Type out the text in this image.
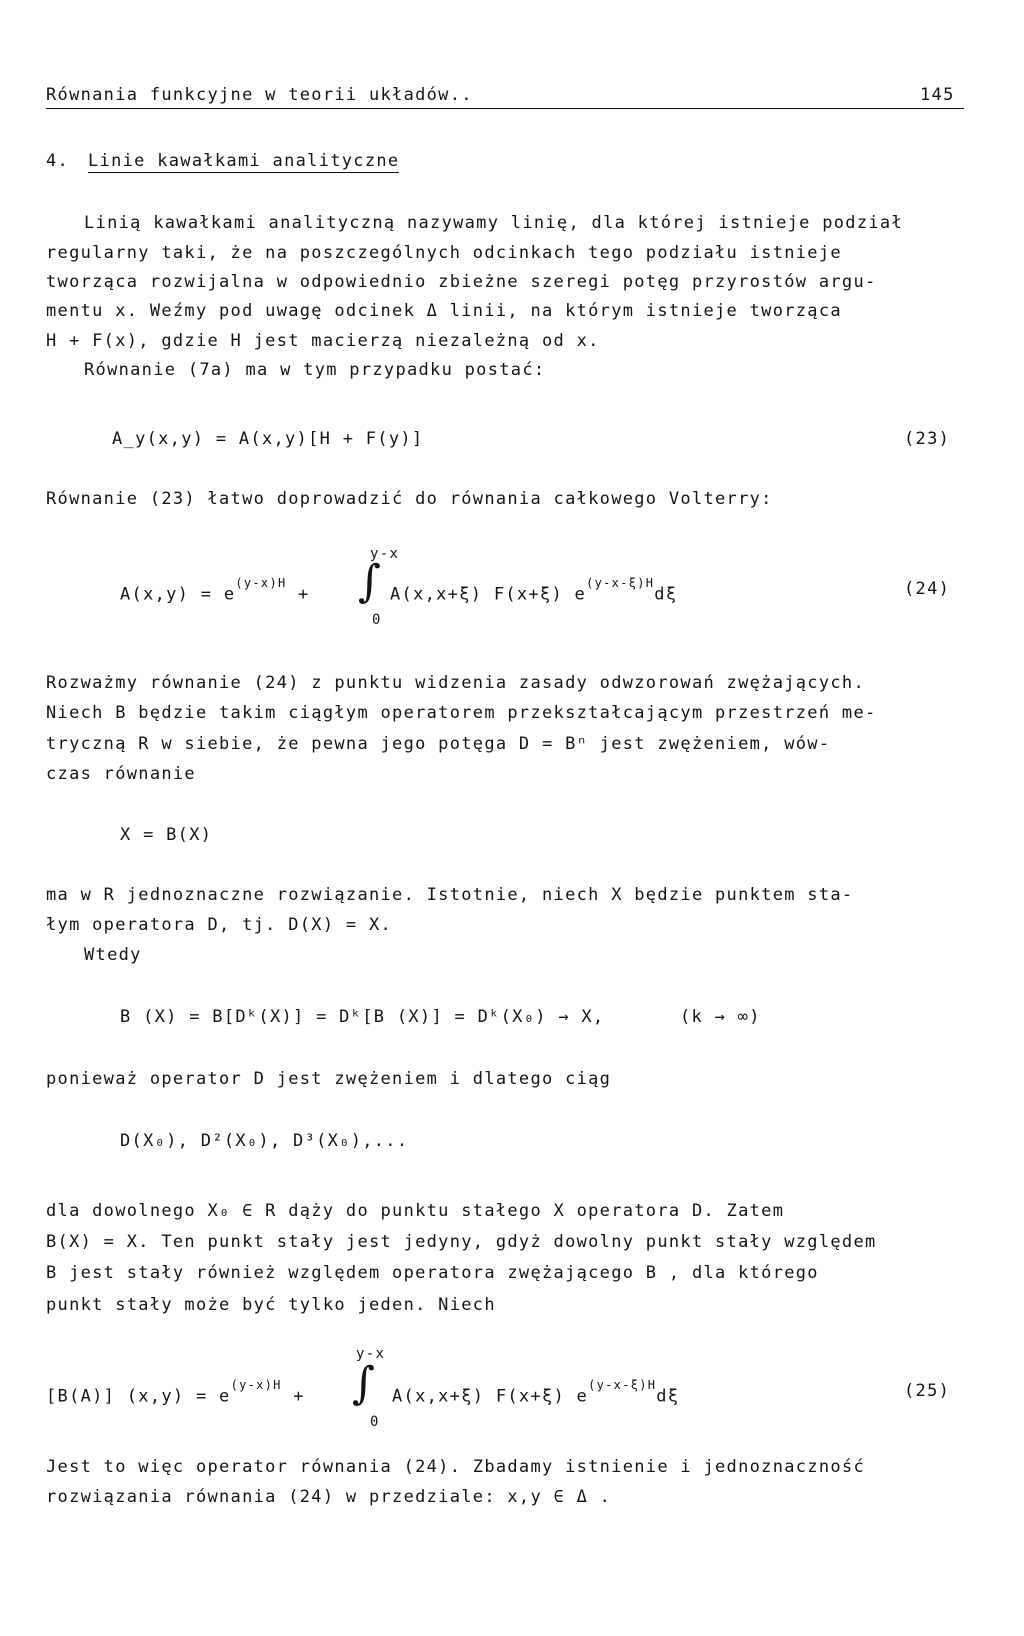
Równania funkcyjne w teorii układów..	145
4. Linie kawałkami analityczne
Linią kawałkami analityczną nazywamy linię, dla której istnieje podział
regularny taki, że na poszczególnych odcinkach tego podziału istnieje
tworząca rozwijalna w odpowiednio zbieżne szeregi potęg przyrostów argu-
mentu x. Weźmy pod uwagę odcinek Δ linii, na którym istnieje tworząca
H + F(x), gdzie H jest macierzą niezależną od x.
Równanie (7a) ma w tym przypadku postać:
A_y(x,y) = A(x,y)[H + F(y)]	(23)
Równanie (23) łatwo doprowadzić do równania całkowego Volterry:
$A(x,y) = e^{(y-x)H}$ + ∫
y-x
0
A(x,x+ξ) F(x+ξ) $e^{(y-x-\xi)H}d\xi$	(24)
Rozważmy równanie (24) z punktu widzenia zasady odwzorowań zwężających.
Niech B będzie takim ciągłym operatorem przekształcającym przestrzeń me-
tryczną R w siebie, że pewna jego potęga D = Bⁿ jest zwężeniem, wów-
czas równanie
X = B(X)
ma w R jednoznaczne rozwiązanie. Istotnie, niech X będzie punktem sta-
łym operatora D, tj. D(X) = X.
Wtedy
B (X) = B[Dᵏ(X)] = Dᵏ[B (X)] = Dᵏ(X₀) → X,	(k → ∞)
ponieważ operator D jest zwężeniem i dlatego ciąg
D(X₀), D²(X₀), D³(X₀),...
dla dowolnego X₀ ∈ R dąży do punktu stałego X operatora D. Zatem
B(X) = X. Ten punkt stały jest jedyny, gdyż dowolny punkt stały względem
B jest stały również względem operatora zwężającego B , dla którego
punkt stały może być tylko jeden. Niech
[B(A)] $(x,y) = e^{(y-x)H}$ + ∫
y-x
0
A(x,x+ξ) F(x+ξ) $e^{(y-x-\xi)H}d\xi$	(25)
Jest to więc operator równania (24). Zbadamy istnienie i jednoznaczność
rozwiązania równania (24) w przedziale: x,y ∈ Δ .
